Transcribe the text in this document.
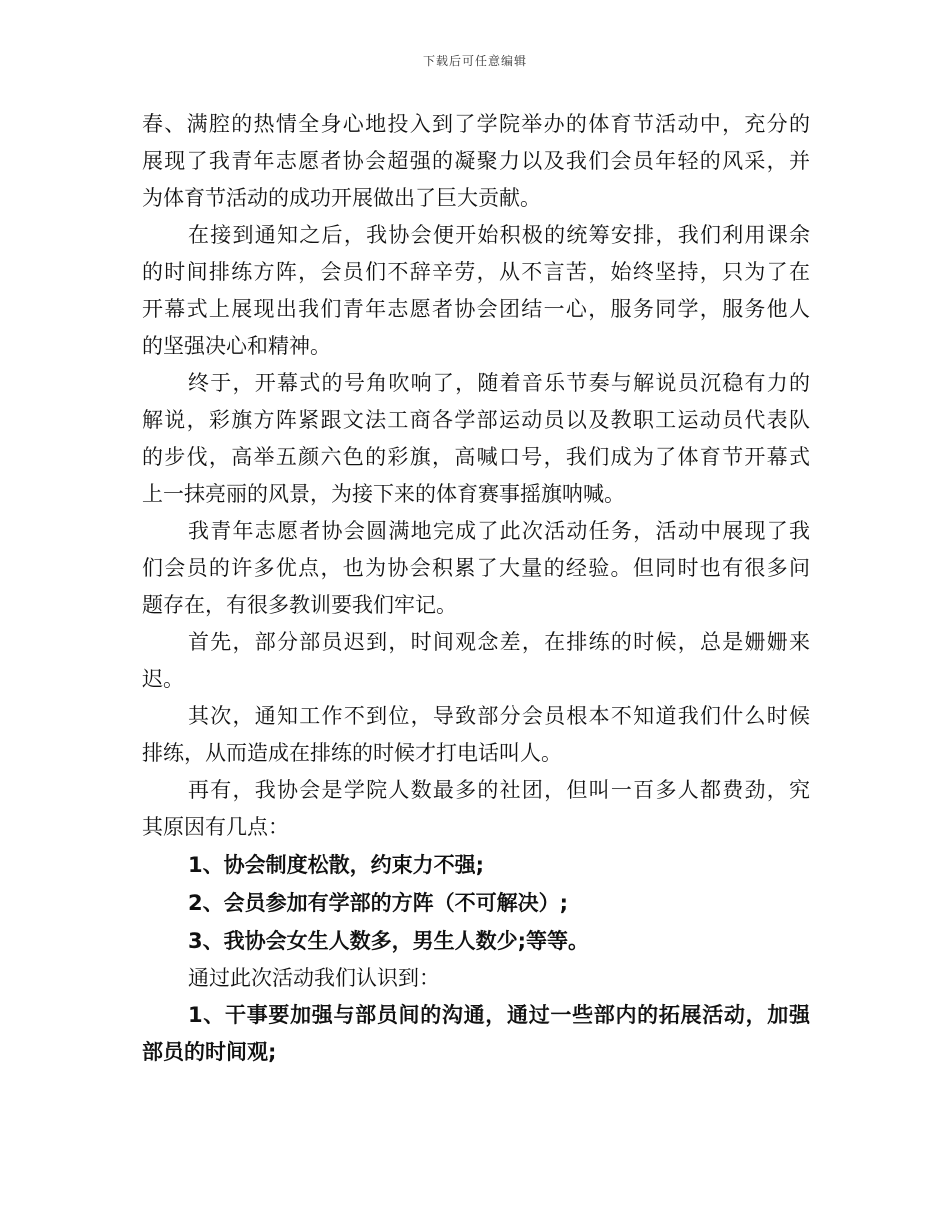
下载后可任意编辑
春、满腔的热情全身心地投入到了学院举办的体育节活动中，充分的
展现了我青年志愿者协会超强的凝聚力以及我们会员年轻的风采，并
为体育节活动的成功开展做出了巨大贡献。
在接到通知之后，我协会便开始积极的统筹安排，我们利用课余
的时间排练方阵，会员们不辞辛劳，从不言苦，始终坚持，只为了在
开幕式上展现出我们青年志愿者协会团结一心，服务同学，服务他人
的坚强决心和精神。
终于，开幕式的号角吹响了，随着音乐节奏与解说员沉稳有力的
解说，彩旗方阵紧跟文法工商各学部运动员以及教职工运动员代表队
的步伐，高举五颜六色的彩旗，高喊口号，我们成为了体育节开幕式
上一抹亮丽的风景，为接下来的体育赛事摇旗呐喊。
我青年志愿者协会圆满地完成了此次活动任务，活动中展现了我
们会员的许多优点，也为协会积累了大量的经验。但同时也有很多问
题存在，有很多教训要我们牢记。
首先，部分部员迟到，时间观念差，在排练的时候，总是姗姗来
迟。
其次，通知工作不到位，导致部分会员根本不知道我们什么时候
排练，从而造成在排练的时候才打电话叫人。
再有，我协会是学院人数最多的社团，但叫一百多人都费劲，究
其原因有几点：
1、协会制度松散，约束力不强;
2、会员参加有学部的方阵（不可解决）;
3、我协会女生人数多，男生人数少;等等。
通过此次活动我们认识到：
1、干事要加强与部员间的沟通，通过一些部内的拓展活动，加强
部员的时间观;
